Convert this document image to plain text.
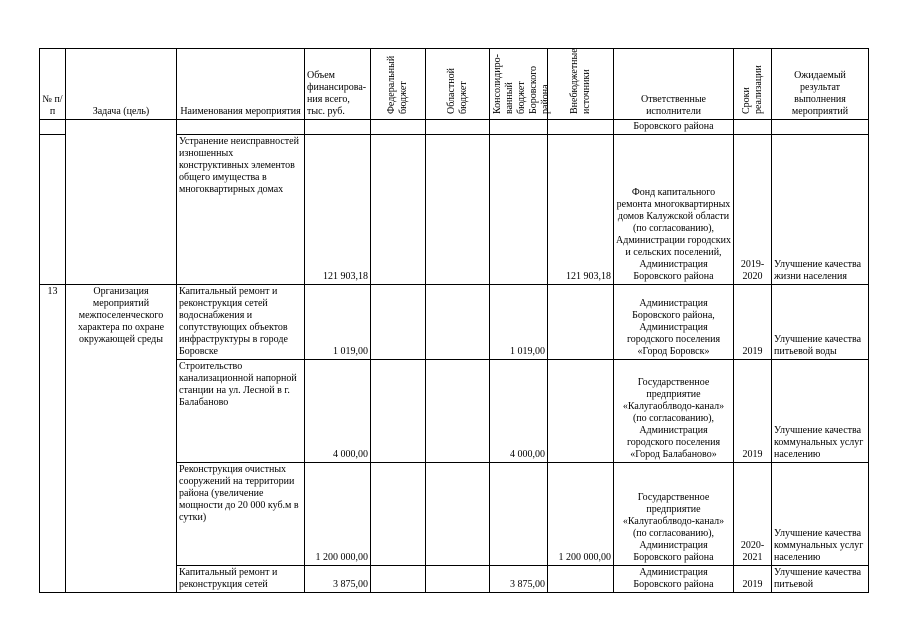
№ п/п	Задача (цель)	Наименования мероприятия	Объем финансирова-ния всего, тыс. руб.	Федеральный бюджет	Областной бюджет	Консолидиро-ванный бюджет Боровского района	Внебюджетные источники	Ответственные исполнители	Сроки реализации	Ожидаемый результат выполнения мероприятий
								Боровского района		
		Устранение неисправностей изношенных конструктивных элементов общего имущества в многоквартирных домах	121 903,18				121 903,18	Фонд капитального ремонта многоквартирных домов Калужской области (по согласованию), Администрации городских и сельских поселений, Администрация Боровского района	2019-2020	Улучшение качества жизни населения
13	Организация мероприятий межпоселенческого характера по охране окружающей среды	Капитальный ремонт и реконструкция сетей водоснабжения и сопутствующих объектов инфраструктуры в городе Боровске	1 019,00			1 019,00		Администрация Боровского района, Администрация городского поселения «Город Боровск»	2019	Улучшение качества питьевой воды
		Строительство канализационной напорной станции на ул. Лесной в г. Балабаново	4 000,00			4 000,00		Государственное предприятие «Калугаоблводо-канал» (по согласованию), Администрация городского поселения «Город Балабаново»	2019	Улучшение качества коммунальных услуг населению
		Реконструкция очистных сооружений на территории района (увеличение мощности до 20 000 куб.м в сутки)	1 200 000,00				1 200 000,00	Государственное предприятие «Калугаоблводо-канал» (по согласованию), Администрация Боровского района	2020-2021	Улучшение качества коммунальных услуг населению
		Капитальный ремонт и реконструкция сетей	3 875,00			3 875,00		Администрация Боровского района	2019	Улучшение качества питьевой
